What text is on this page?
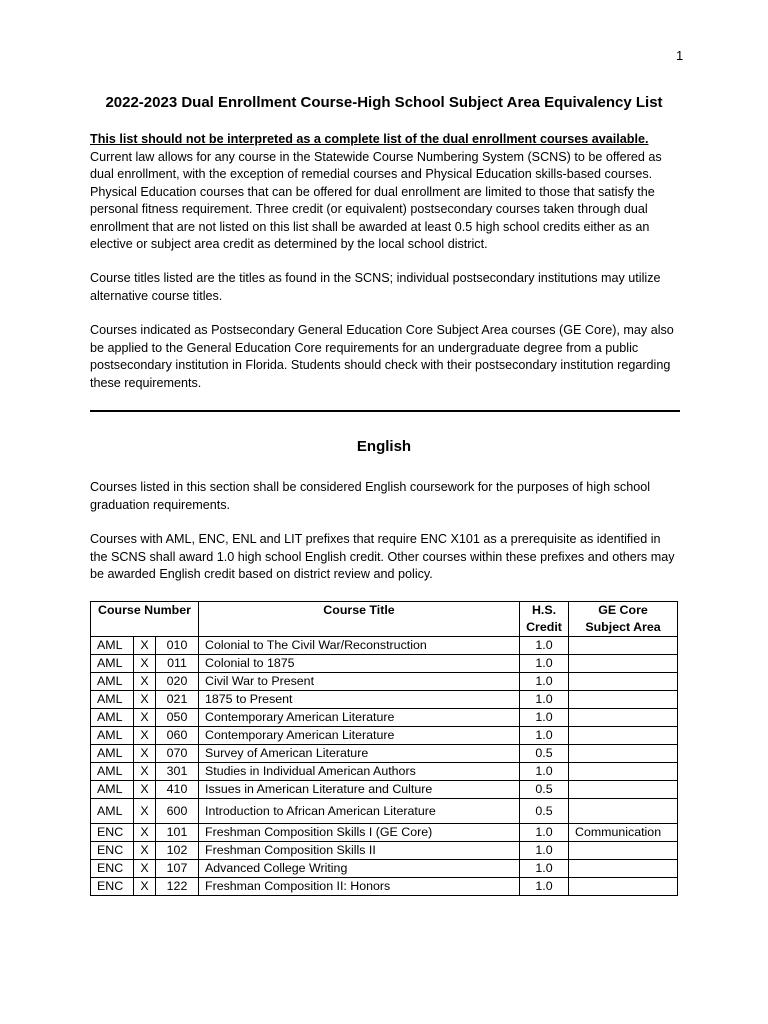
1
2022-2023 Dual Enrollment Course-High School Subject Area Equivalency List

This list should not be interpreted as a complete list of the dual enrollment courses available. Current law allows for any course in the Statewide Course Numbering System (SCNS) to be offered as dual enrollment, with the exception of remedial courses and Physical Education skills-based courses. Physical Education courses that can be offered for dual enrollment are limited to those that satisfy the personal fitness requirement. Three credit (or equivalent) postsecondary courses taken through dual enrollment that are not listed on this list shall be awarded at least 0.5 high school credits either as an elective or subject area credit as determined by the local school district.

Course titles listed are the titles as found in the SCNS; individual postsecondary institutions may utilize alternative course titles.

Courses indicated as Postsecondary General Education Core Subject Area courses (GE Core), may also be applied to the General Education Core requirements for an undergraduate degree from a public postsecondary institution in Florida. Students should check with their postsecondary institution regarding these requirements.

English

Courses listed in this section shall be considered English coursework for the purposes of high school graduation requirements.

Courses with AML, ENC, ENL and LIT prefixes that require ENC X101 as a prerequisite as identified in the SCNS shall award 1.0 high school English credit. Other courses within these prefixes and others may be awarded English credit based on district review and policy.

Course Number			Course Title	H.S. Credit	GE Core Subject Area
AML	X	010	Colonial to The Civil War/Reconstruction	1.0	
AML	X	011	Colonial to 1875	1.0	
AML	X	020	Civil War to Present	1.0	
AML	X	021	1875 to Present	1.0	
AML	X	050	Contemporary American Literature	1.0	
AML	X	060	Contemporary American Literature	1.0	
AML	X	070	Survey of American Literature	0.5	
AML	X	301	Studies in Individual American Authors	1.0	
AML	X	410	Issues in American Literature and Culture	0.5	
AML	X	600	Introduction to African American Literature	0.5	
ENC	X	101	Freshman Composition Skills I (GE Core)	1.0	Communication
ENC	X	102	Freshman Composition Skills II	1.0	
ENC	X	107	Advanced College Writing	1.0	
ENC	X	122	Freshman Composition II: Honors	1.0	
